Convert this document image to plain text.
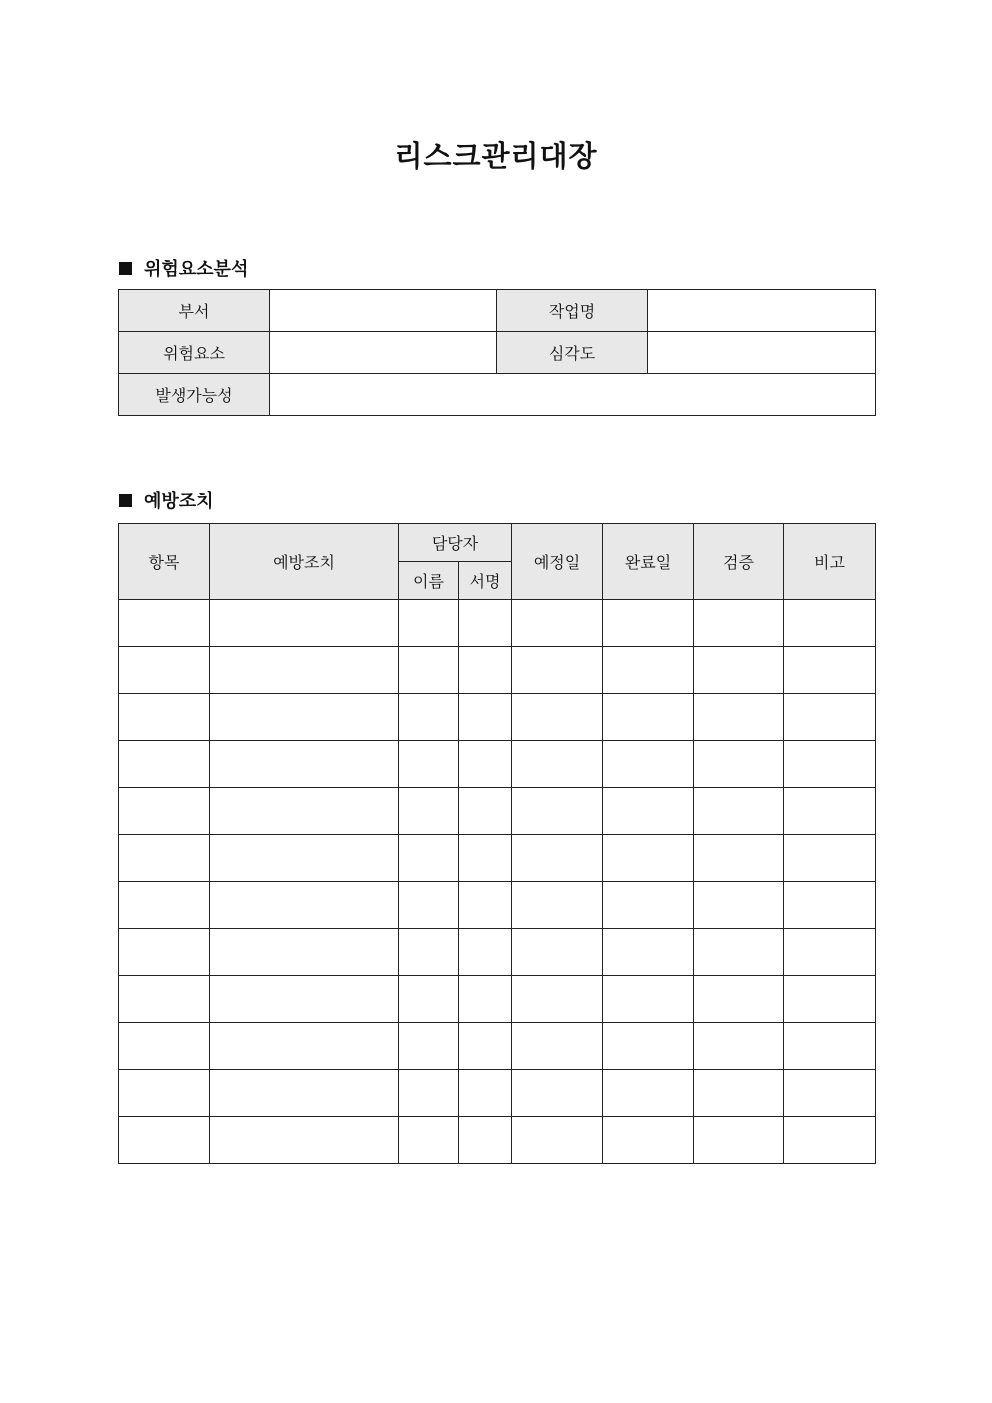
리스크관리대장
위험요소분석
부서		작업명	
위험요소		심각도	
발생가능성			
예방조치
항목	예방조치	담당자		예정일	완료일	검증	비고
		이름	서명				
